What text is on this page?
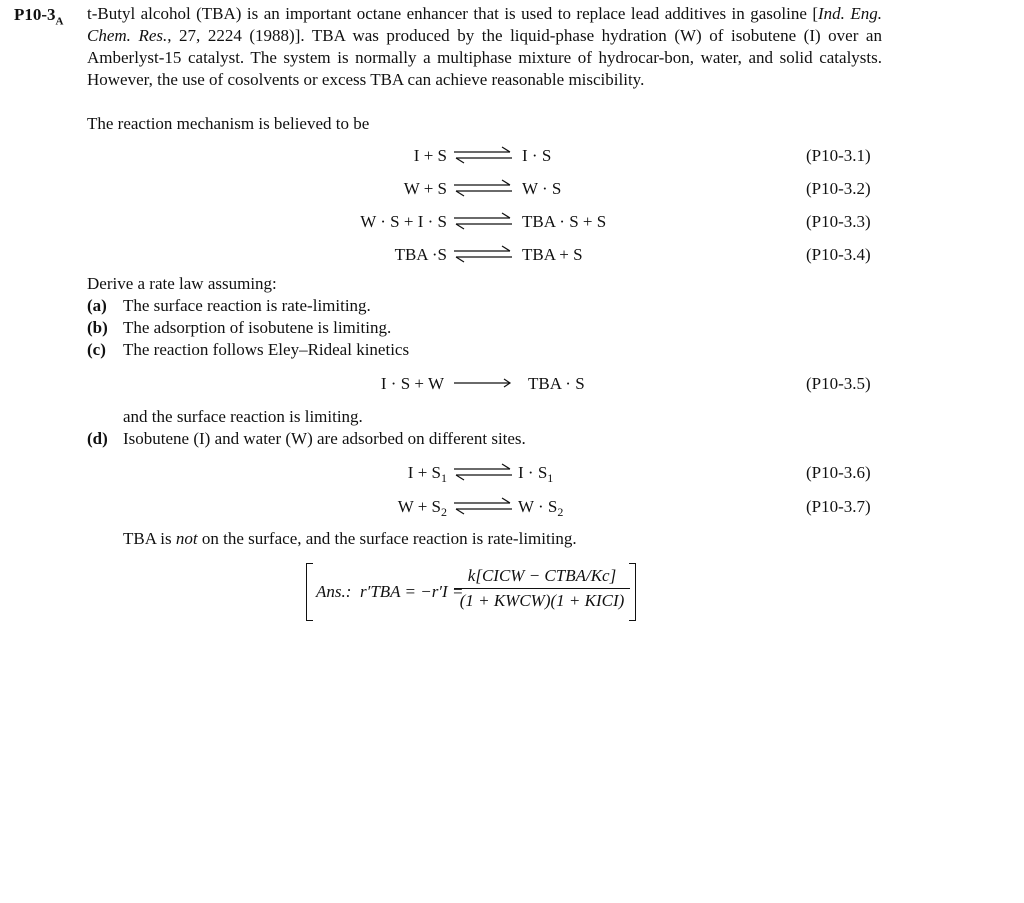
$P10-3_A$ t-Butyl alcohol (TBA) is an important octane enhancer that is used to replace lead additives in gasoline [Ind. Eng. Chem. Res., 27, 2224 (1988)]. TBA was produced by the liquid-phase hydration (W) of isobutene (I) over an Amberlyst-15 catalyst. The system is normally a multiphase mixture of hydrocar-bon, water, and solid catalysts. However, the use of cosolvents or excess TBA can achieve reasonable miscibility.
The reaction mechanism is believed to be
I + S ⇌ I · S	(P10-3.1)
W + S ⇌ W · S	(P10-3.2)
W · S + I · S ⇌ TBA · S + S	(P10-3.3)
TBA ·S ⇌ TBA + S	(P10-3.4)
Derive a rate law assuming:
(a) The surface reaction is rate-limiting.
(b) The adsorption of isobutene is limiting.
(c) The reaction follows Eley–Rideal kinetics
I · S + W	TBA · S	(P10-3.5)
and the surface reaction is limiting.
(d) Isobutene (I) and water (W) are adsorbed on different sites.
$I + S_1$ ⇌ $I \cdot S_1$	(P10-3.6)
$W + S_2$ ⇌ $W \cdot S_2$	(P10-3.7)
TBA is not on the surface, and the surface reaction is rate-limiting.
Ans.: r′TBA = −r′I =
k[CICW − CTBA/Kc]
(1 + KWCW)(1 + KICI)
